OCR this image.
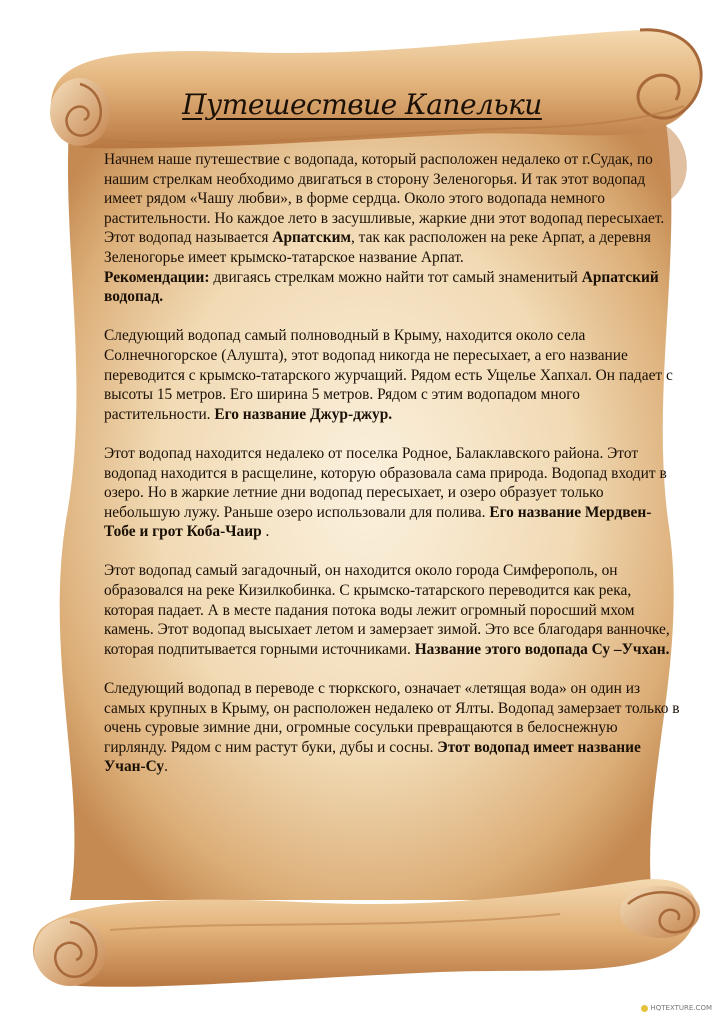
Путешествие Капельки

Начнем наше путешествие с водопада, который расположен недалеко от г.Судак, по нашим стрелкам необходимо двигаться в сторону Зеленогорья. И так этот водопад имеет рядом «Чашу любви», в форме сердца. Около этого водопада немного растительности. Но каждое лето в засушливые, жаркие дни этот водопад пересыхает. Этот водопад называется Арпатским, так как расположен на реке Арпат, а деревня Зеленогорье имеет крымско-татарское название Арпат.
Рекомендации: двигаясь стрелкам можно найти тот самый знаменитый Арпатский водопад.

Следующий водопад самый полноводный в Крыму, находится около села Солнечногорское (Алушта), этот водопад никогда не пересыхает, а его название переводится с крымско-татарского журчащий. Рядом есть Ущелье Хапхал. Он падает с высоты 15 метров. Его ширина 5 метров. Рядом с этим водопадом много растительности. Его название Джур-джур.

Этот водопад находится недалеко от поселка Родное, Балаклавского района. Этот водопад находится в расщелине, которую образовала сама природа. Водопад входит в озеро. Но в жаркие летние дни водопад пересыхает, и озеро образует только небольшую лужу. Раньше озеро использовали для полива. Его название Мердвен-Тобе и грот Коба-Чаир .

Этот водопад самый загадочный, он находится около города Симферополь, он образовался на реке Кизилкобинка. С крымско-татарского переводится как река, которая падает. А в месте падания потока воды лежит огромный поросший мхом камень. Этот водопад высыхает летом и замерзает зимой. Это все благодаря ванночке, которая подпитывается горными источниками. Название этого водопада Су –Учхан.

Следующий водопад в переводе с тюркского, означает «летящая вода» он один из самых крупных в Крыму, он расположен недалеко от Ялты. Водопад замерзает только в очень суровые зимние дни, огромные сосульки превращаются в белоснежную гирлянду. Рядом с ним растут буки, дубы и сосны. Этот водопад имеет название Учан-Су.

HQTEXTURE.COM
